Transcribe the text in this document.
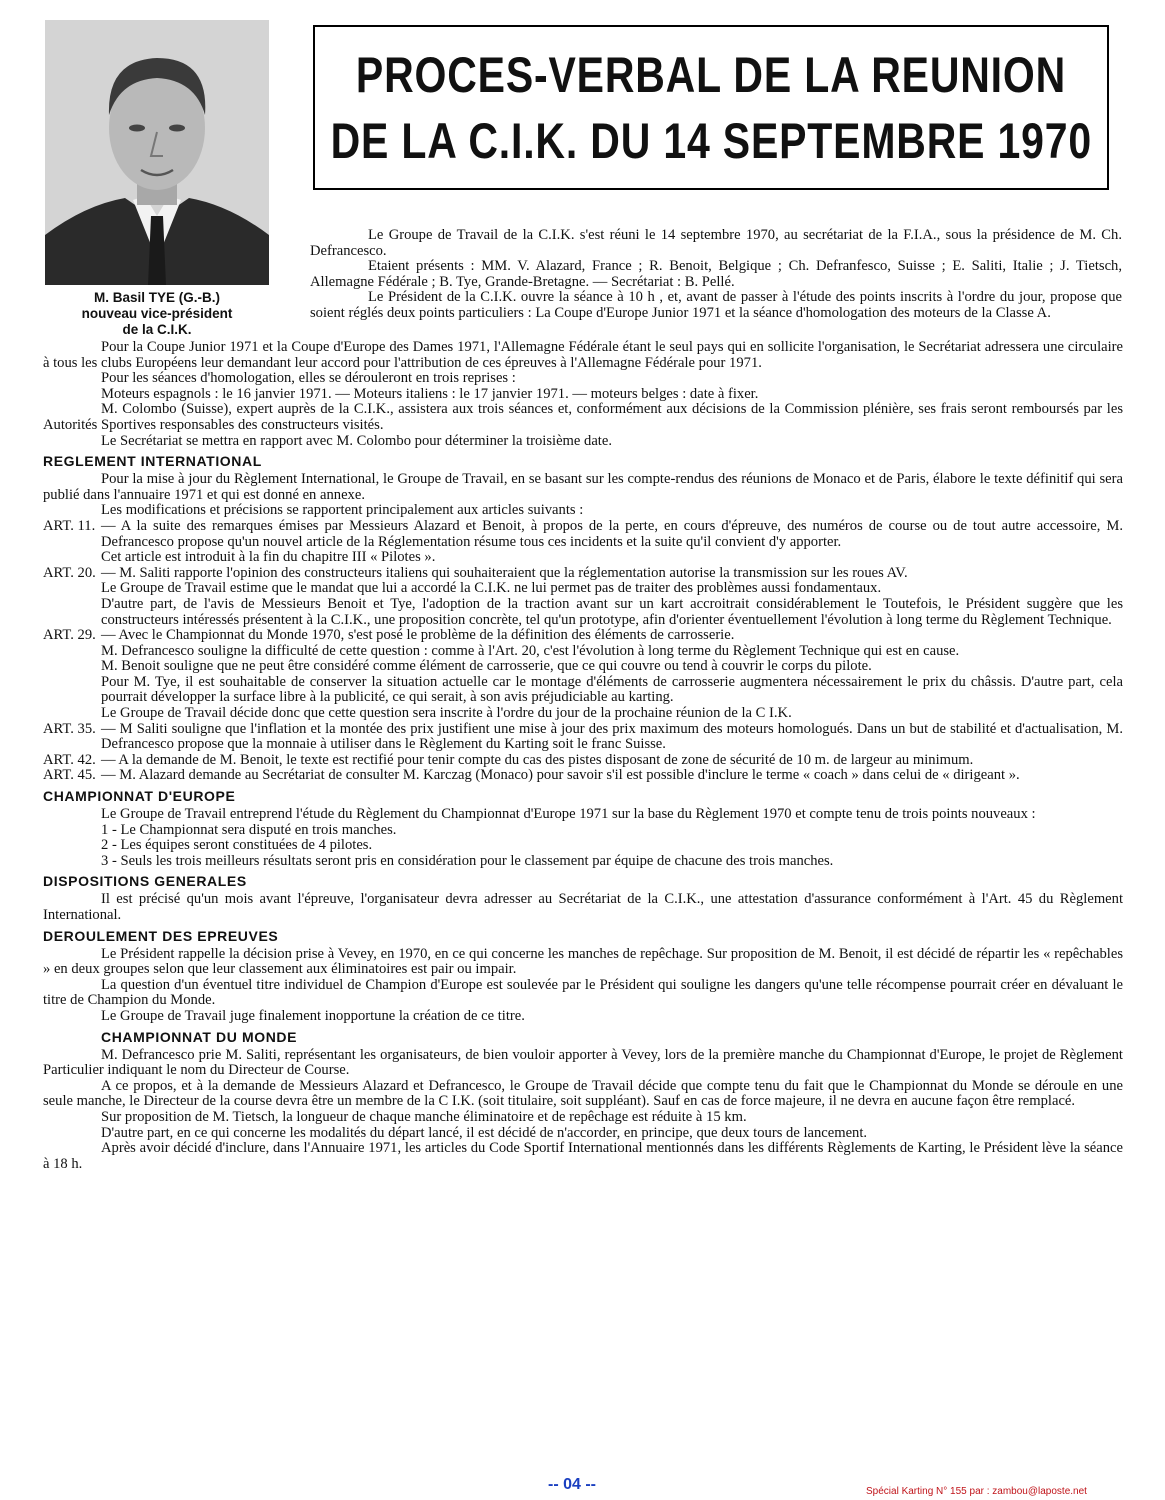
M. Basil TYE (G.-B.)
nouveau vice-président
de la C.I.K.
PROCES-VERBAL DE LA REUNION
DE LA C.I.K. DU 14 SEPTEMBRE 1970

Le Groupe de Travail de la C.I.K. s'est réuni le 14 septembre 1970, au secrétariat de la F.I.A., sous la présidence de M. Ch. Defrancesco.

Etaient présents : MM. V. Alazard, France ; R. Benoit, Belgique ; Ch. Defranfesco, Suisse ; E. Saliti, Italie ; J. Tietsch, Allemagne Fédérale ; B. Tye, Grande-Bretagne. — Secrétariat : B. Pellé.

Le Président de la C.I.K. ouvre la séance à 10 h , et, avant de passer à l'étude des points inscrits à l'ordre du jour, propose que soient réglés deux points particuliers : La Coupe d'Europe Junior 1971 et la séance d'homologation des moteurs de la Classe A.

Pour la Coupe Junior 1971 et la Coupe d'Europe des Dames 1971, l'Allemagne Fédérale étant le seul pays qui en sollicite l'organisation, le Secrétariat adressera une circulaire à tous les clubs Européens leur demandant leur accord pour l'attribution de ces épreuves à l'Allemagne Fédérale pour 1971.

Pour les séances d'homologation, elles se dérouleront en trois reprises :

Moteurs espagnols : le 16 janvier 1971. — Moteurs italiens : le 17 janvier 1971. — moteurs belges : date à fixer.

M. Colombo (Suisse), expert auprès de la C.I.K., assistera aux trois séances et, conformément aux décisions de la Commission plénière, ses frais seront remboursés par les Autorités Sportives responsables des constructeurs visités.

Le Secrétariat se mettra en rapport avec M. Colombo pour déterminer la troisième date.

REGLEMENT INTERNATIONAL

Pour la mise à jour du Règlement International, le Groupe de Travail, en se basant sur les compte-rendus des réunions de Monaco et de Paris, élabore le texte définitif qui sera publié dans l'annuaire 1971 et qui est donné en annexe.

Les modifications et précisions se rapportent principalement aux articles suivants :

ART. 11. — A la suite des remarques émises par Messieurs Alazard et Benoit, à propos de la perte, en cours d'épreuve, des numéros de course ou de tout autre accessoire, M. Defrancesco propose qu'un nouvel article de la Réglementation résume tous ces incidents et la suite qu'il convient d'y apporter.

Cet article est introduit à la fin du chapitre III « Pilotes ».

ART. 20. — M. Saliti rapporte l'opinion des constructeurs italiens qui souhaiteraient que la réglementation autorise la transmission sur les roues AV.

Le Groupe de Travail estime que le mandat que lui a accordé la C.I.K. ne lui permet pas de traiter des problèmes aussi fondamentaux.

D'autre part, de l'avis de Messieurs Benoit et Tye, l'adoption de la traction avant sur un kart accroitrait considérablement le Toutefois, le Président suggère que les constructeurs intéressés présentent à la C.I.K., une proposition concrète, tel qu'un prototype, afin d'orienter éventuellement l'évolution à long terme du Règlement Technique.

ART. 29. — Avec le Championnat du Monde 1970, s'est posé le problème de la définition des éléments de carrosserie.

M. Defrancesco souligne la difficulté de cette question : comme à l'Art. 20, c'est l'évolution à long terme du Règlement Technique qui est en cause.

M. Benoit souligne que ne peut être considéré comme élément de carrosserie, que ce qui couvre ou tend à couvrir le corps du pilote.

Pour M. Tye, il est souhaitable de conserver la situation actuelle car le montage d'éléments de carrosserie augmentera nécessairement le prix du châssis. D'autre part, cela pourrait développer la surface libre à la publicité, ce qui serait, à son avis préjudiciable au karting.

Le Groupe de Travail décide donc que cette question sera inscrite à l'ordre du jour de la prochaine réunion de la C I.K.

ART. 35. — M Saliti souligne que l'inflation et la montée des prix justifient une mise à jour des prix maximum des moteurs homologués. Dans un but de stabilité et d'actualisation, M. Defrancesco propose que la monnaie à utiliser dans le Règlement du Karting soit le franc Suisse.
ART. 42. — A la demande de M. Benoit, le texte est rectifié pour tenir compte du cas des pistes disposant de zone de sécurité de 10 m. de largeur au minimum.
ART. 45. — M. Alazard demande au Secrétariat de consulter M. Karczag (Monaco) pour savoir s'il est possible d'inclure le terme « coach » dans celui de « dirigeant ».
CHAMPIONNAT D'EUROPE

Le Groupe de Travail entreprend l'étude du Règlement du Championnat d'Europe 1971 sur la base du Règlement 1970 et compte tenu de trois points nouveaux :

1 - Le Championnat sera disputé en trois manches.

2 - Les équipes seront constituées de 4 pilotes.

3 - Seuls les trois meilleurs résultats seront pris en considération pour le classement par équipe de chacune des trois manches.

DISPOSITIONS GENERALES

Il est précisé qu'un mois avant l'épreuve, l'organisateur devra adresser au Secrétariat de la C.I.K., une attestation d'assurance conformément à l'Art. 45 du Règlement International.

DEROULEMENT DES EPREUVES

Le Président rappelle la décision prise à Vevey, en 1970, en ce qui concerne les manches de repêchage. Sur proposition de M. Benoit, il est décidé de répartir les « repêchables » en deux groupes selon que leur classement aux éliminatoires est pair ou impair.

La question d'un éventuel titre individuel de Champion d'Europe est soulevée par le Président qui souligne les dangers qu'une telle récompense pourrait créer en dévaluant le titre de Champion du Monde.

Le Groupe de Travail juge finalement inopportune la création de ce titre.

CHAMPIONNAT DU MONDE

M. Defrancesco prie M. Saliti, représentant les organisateurs, de bien vouloir apporter à Vevey, lors de la première manche du Championnat d'Europe, le projet de Règlement Particulier indiquant le nom du Directeur de Course.

A ce propos, et à la demande de Messieurs Alazard et Defrancesco, le Groupe de Travail décide que compte tenu du fait que le Championnat du Monde se déroule en une seule manche, le Directeur de la course devra être un membre de la C I.K. (soit titulaire, soit suppléant). Sauf en cas de force majeure, il ne devra en aucune façon être remplacé.

Sur proposition de M. Tietsch, la longueur de chaque manche éliminatoire et de repêchage est réduite à 15 km.

D'autre part, en ce qui concerne les modalités du départ lancé, il est décidé de n'accorder, en principe, que deux tours de lancement.

Après avoir décidé d'inclure, dans l'Annuaire 1971, les articles du Code Sportif International mentionnés dans les différents Règlements de Karting, le Président lève la séance à 18 h.

-- 04 --	Spécial Karting N° 155 par : zambou@laposte.net
